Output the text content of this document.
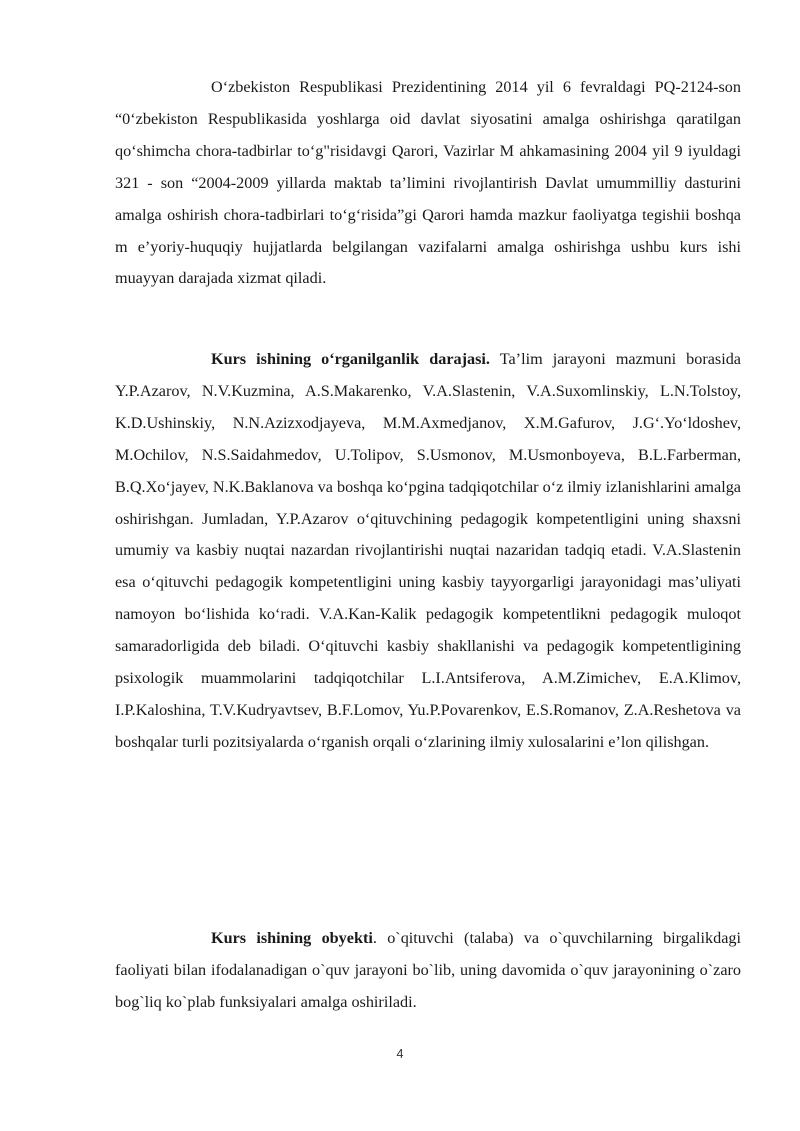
O‘zbekiston Respublikasi Prezidentining 2014 yil 6 fevraldagi PQ-2124-son “0‘zbekiston Respublikasida yoshlarga oid davlat siyosatini amalga oshirishga qaratilgan qo‘shimcha chora-tadbirlar to‘g"risidavgi Qarori, Vazirlar M ahkamasining 2004 yil 9 iyuldagi 321 - son “2004-2009 yillarda maktab ta’limini rivojlantirish Davlat umummilliy dasturini amalga oshirish chora-tadbirlari to‘g‘risida”gi Qarori hamda mazkur faoliyatga tegishii boshqa m e’yoriy-huquqiy hujjatlarda belgilangan vazifalarni amalga oshirishga ushbu kurs ishi muayyan darajada xizmat qiladi.

Kurs ishining o‘rganilganlik darajasi. Ta’lim jarayoni mazmuni borasida Y.P.Azarov, N.V.Kuzmina, A.S.Makarenko, V.A.Slastenin, V.A.Suxomlinskiy, L.N.Tolstoy, K.D.Ushinskiy, N.N.Azizxodjayeva, M.M.Axmedjanov, X.M.Gafurov, J.G‘.Yo‘ldoshev, M.Ochilov, N.S.Saidahmedov, U.Tolipov, S.Usmonov, M.Usmonboyeva, B.L.Farberman, B.Q.Xo‘jayev, N.K.Baklanova va boshqa ko‘pgina tadqiqotchilar o‘z ilmiy izlanishlarini amalga oshirishgan. Jumladan, Y.P.Azarov o‘qituvchining pedagogik kompetentligini uning shaxsni umumiy va kasbiy nuqtai nazardan rivojlantirishi nuqtai nazaridan tadqiq etadi. V.A.Slastenin esa o‘qituvchi pedagogik kompetentligini uning kasbiy tayyorgarligi jarayonidagi mas’uliyati namoyon bo‘lishida ko‘radi. V.A.Kan-Kalik pedagogik kompetentlikni pedagogik muloqot samaradorligida deb biladi. O‘qituvchi kasbiy shakllanishi va pedagogik kompetentligining psixologik muammolarini tadqiqotchilar L.I.Antsiferova, A.M.Zimichev, E.A.Klimov, I.P.Kaloshina, T.V.Kudryavtsev, B.F.Lomov, Yu.P.Povarenkov, E.S.Romanov, Z.A.Reshetova va boshqalar turli pozitsiyalarda o‘rganish orqali o‘zlarining ilmiy xulosalarini e’lon qilishgan.

Kurs ishining obyekti. o`qituvchi (talaba) va o`quvchilarning birgalikdagi faoliyati bilan ifodalanadigan o`quv jarayoni bo`lib, uning davomida o`quv jarayonining o`zaro bog`liq ko`plab funksiyalari amalga oshiriladi.

4
